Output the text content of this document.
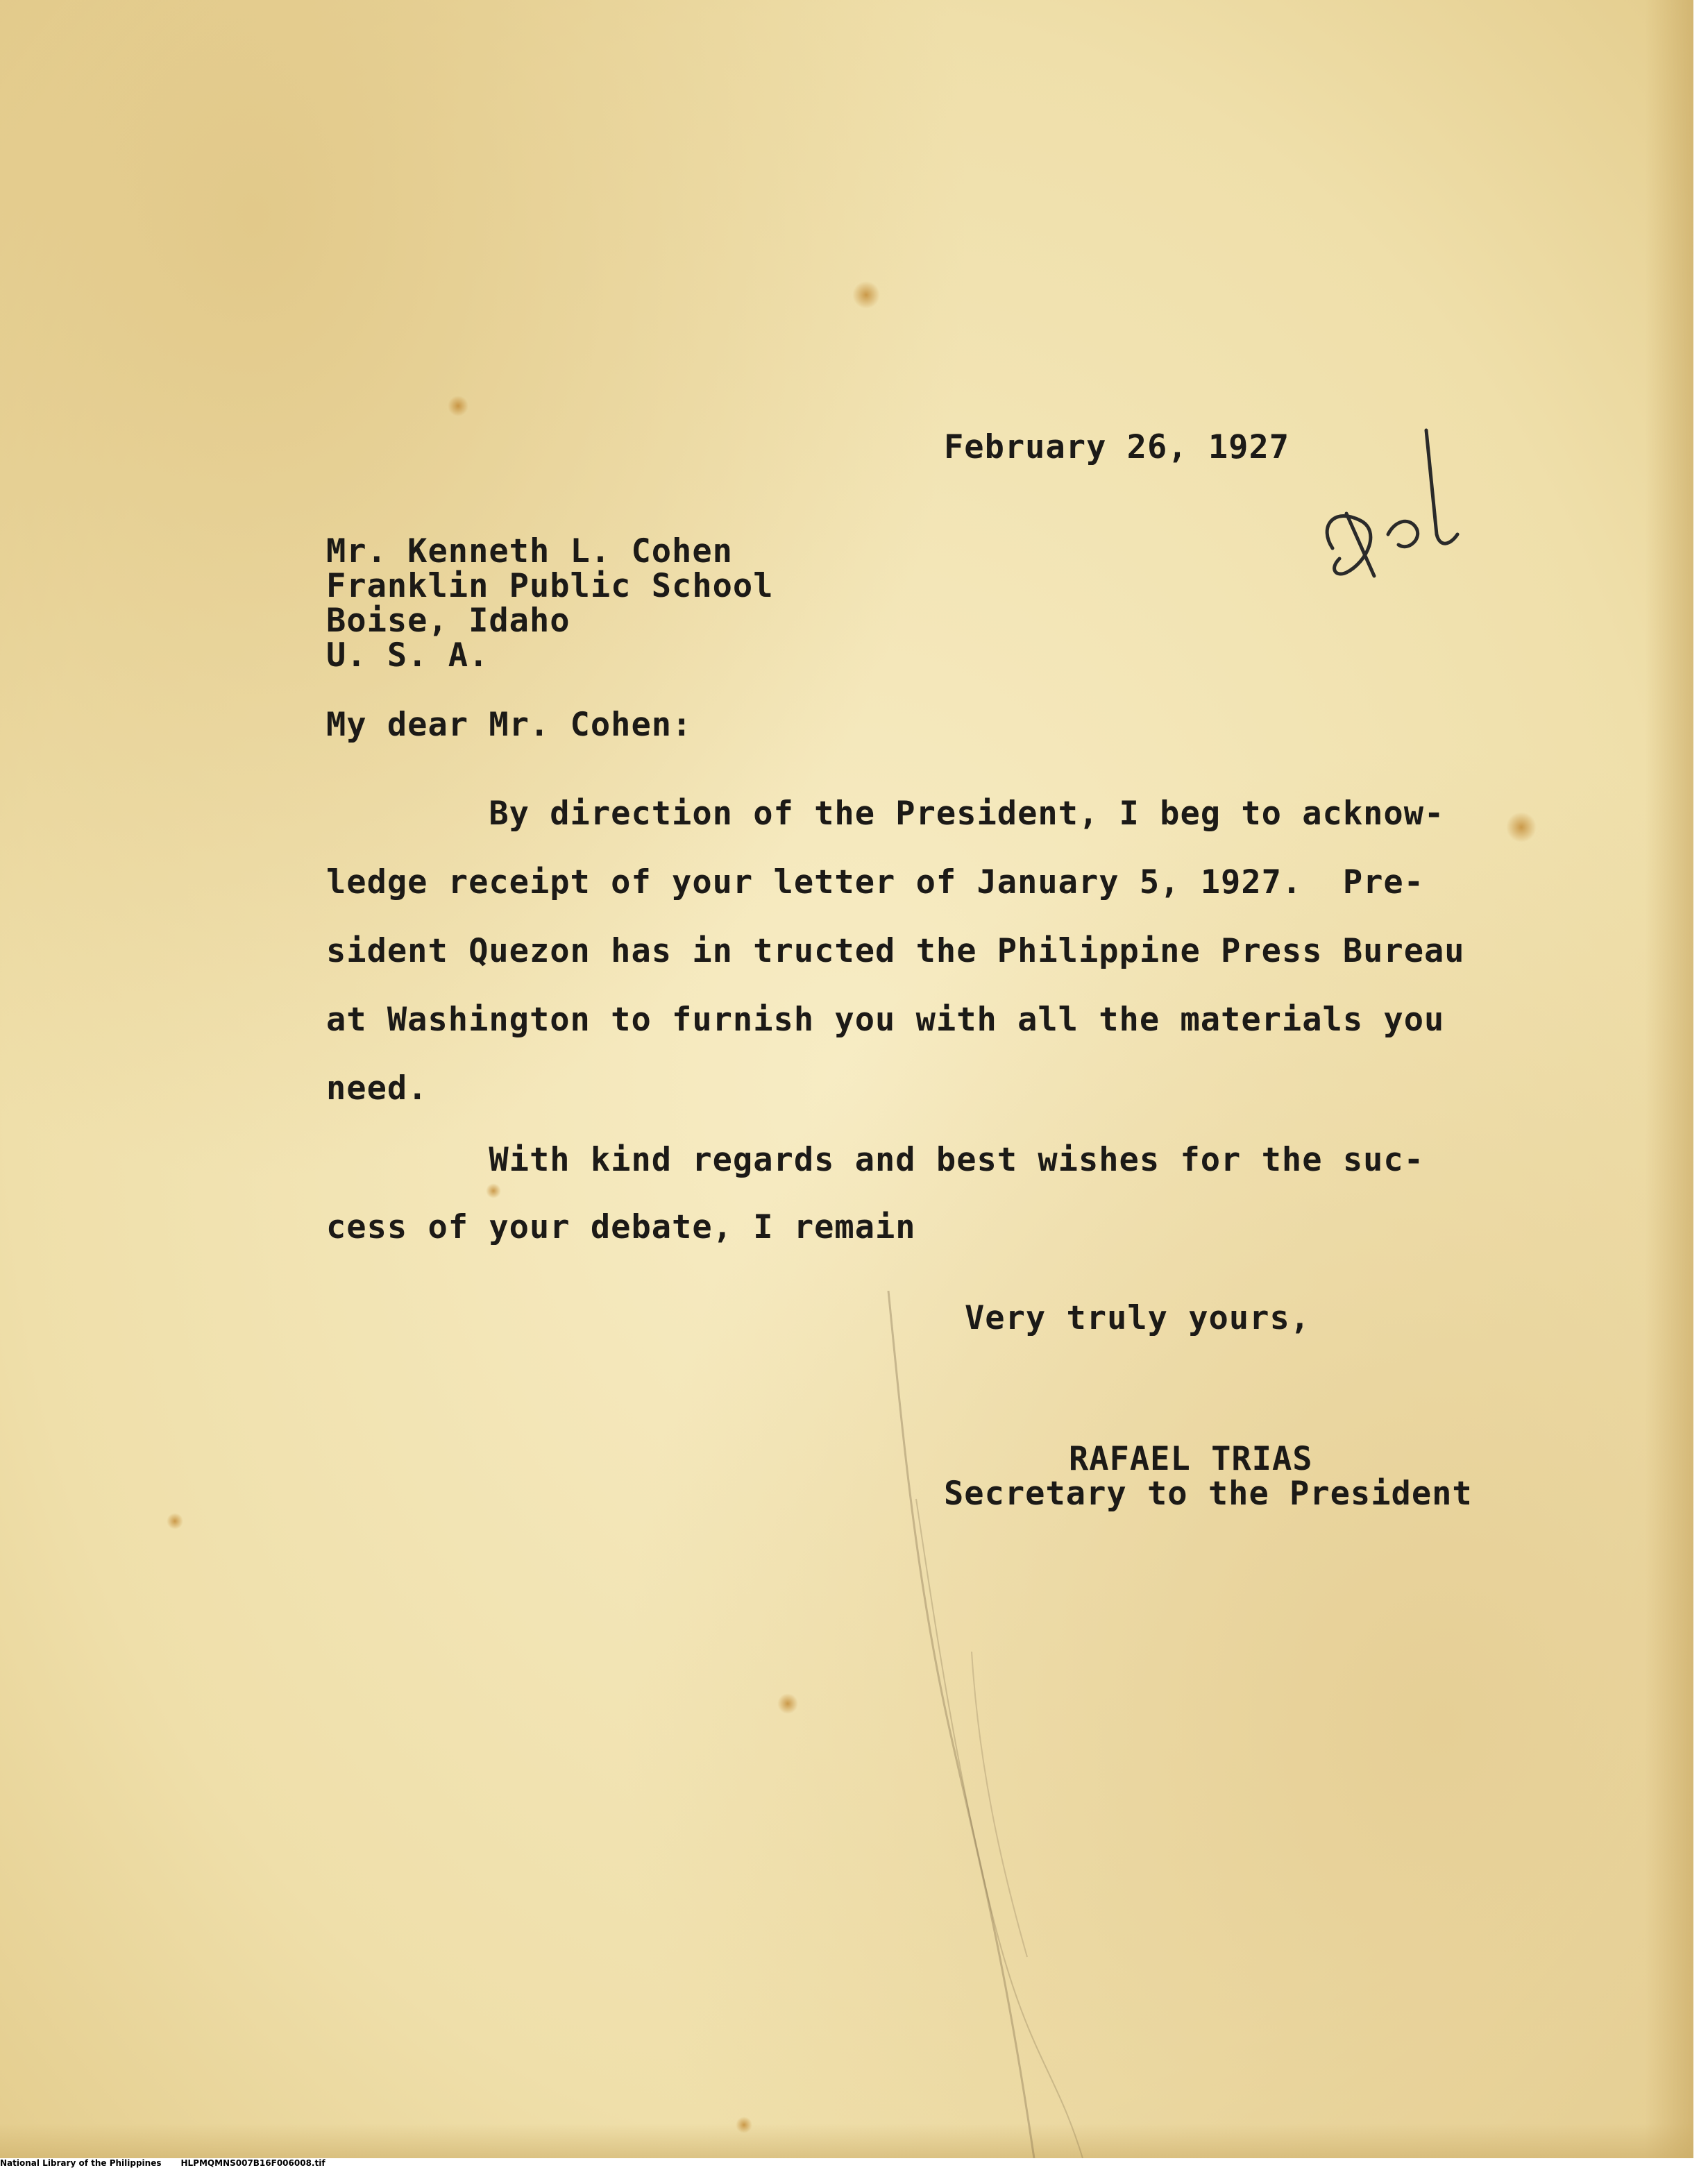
February 26, 1927

Mr. Kenneth L. Cohen
Franklin Public School
Boise, Idaho
U. S. A.

My dear Mr. Cohen:

By direction of the President, I beg to acknow-
ledge receipt of your letter of January 5, 1927.  Pre-
sident Quezon has in tructed the Philippine Press Bureau
at Washington to furnish you with all the materials you
need.
With kind regards and best wishes for the suc-
cess of your debate, I remain

Very truly yours,

RAFAEL TRIAS

Secretary to the President

National Library of the Philippines HLPMQMNS007B16F006008.tif
